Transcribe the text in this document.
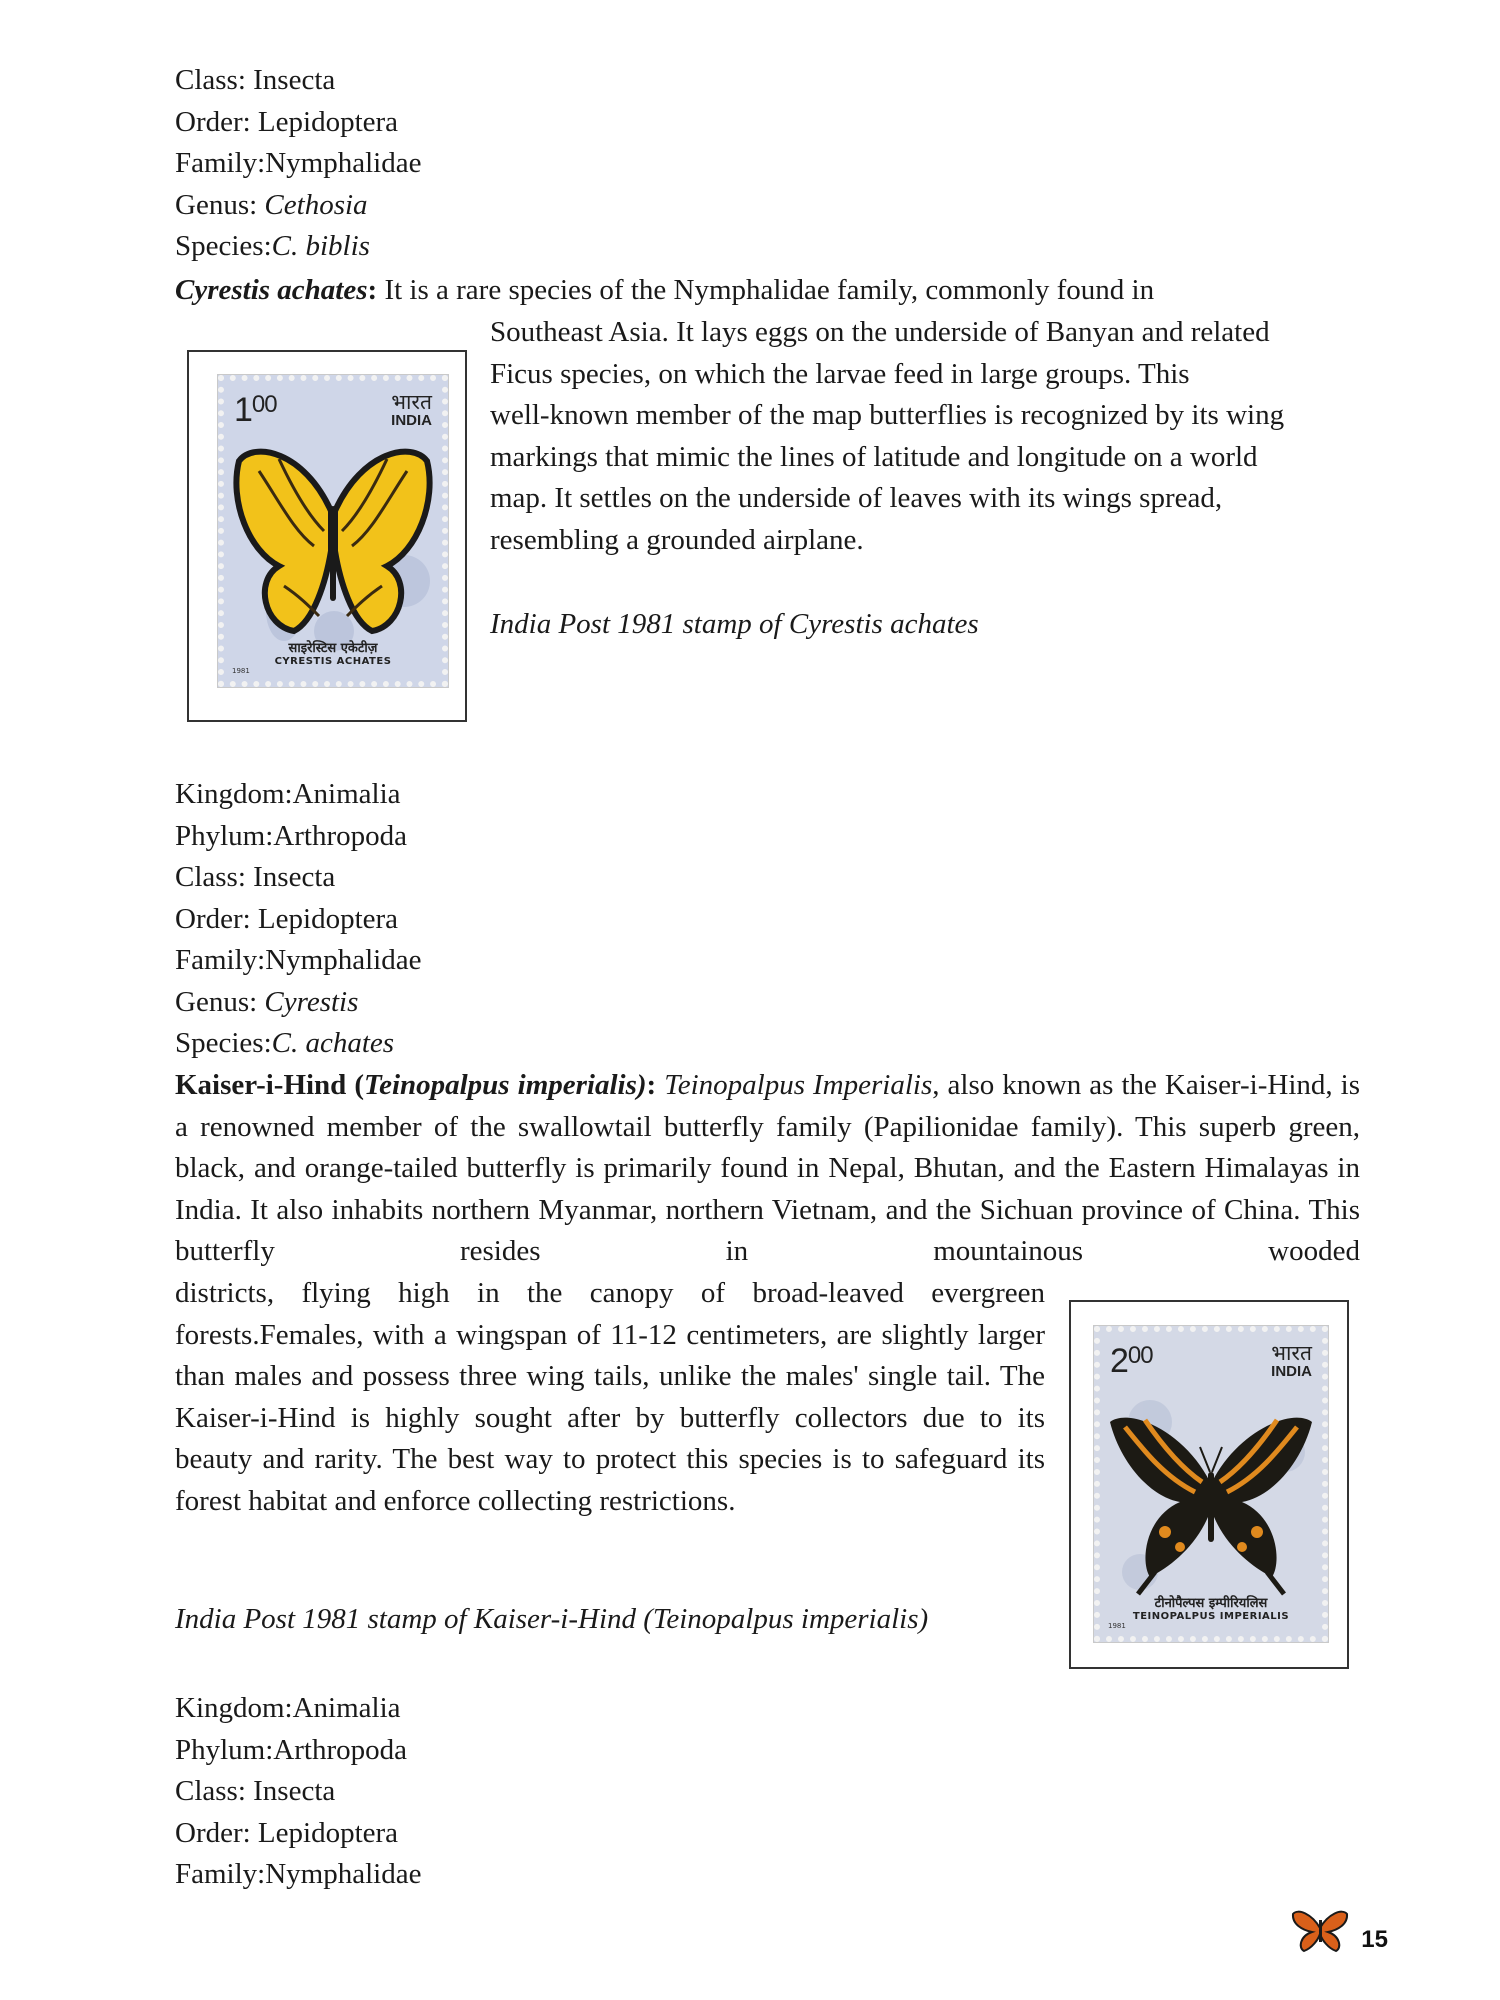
Class: Insecta
Order: Lepidoptera
Family:Nymphalidae
Genus: Cethosia
Species:C. biblis
Cyrestis achates: It is a rare species of the Nymphalidae family, commonly found in
Southeast Asia. It lays eggs on the underside of Banyan and related
Ficus species, on which the larvae feed in large groups. This
well-known member of the map butterflies is recognized by its wing
markings that mimic the lines of latitude and longitude on a world
map. It settles on the underside of leaves with its wings spread,
resembling a grounded airplane.
India Post 1981 stamp of Cyrestis achates
$1^{00}$	भारत
INDIA
साइरेस्टिस एकेटीज़
CYRESTIS ACHATES
1981
Kingdom:Animalia
Phylum:Arthropoda
Class: Insecta
Order: Lepidoptera
Family:Nymphalidae
Genus: Cyrestis
Species:C. achates
Kaiser-i-Hind (Teinopalpus imperialis): Teinopalpus Imperialis, also known as the Kaiser-i-Hind, is a renowned member of the swallowtail butterfly family (Papilionidae family). This superb green, black, and orange-tailed butterfly is primarily found in Nepal, Bhutan, and the Eastern Himalayas in India. It also inhabits northern Myanmar, northern Vietnam, and the Sichuan province of China. This butterfly resides in mountainous wooded
districts, flying high in the canopy of broad-leaved evergreen forests.Females, with a wingspan of 11-12 centimeters, are slightly larger than males and possess three wing tails, unlike the males' single tail. The Kaiser-i-Hind is highly sought after by butterfly collectors due to its beauty and rarity. The best way to protect this species is to safeguard its forest habitat and enforce collecting restrictions.
India Post 1981 stamp of Kaiser-i-Hind (Teinopalpus imperialis)
$2^{00}$	भारत
INDIA
टीनोपैल्पस इम्पीरियलिस
TEINOPALPUS IMPERIALIS
1981
Kingdom:Animalia
Phylum:Arthropoda
Class: Insecta
Order: Lepidoptera
Family:Nymphalidae
15
